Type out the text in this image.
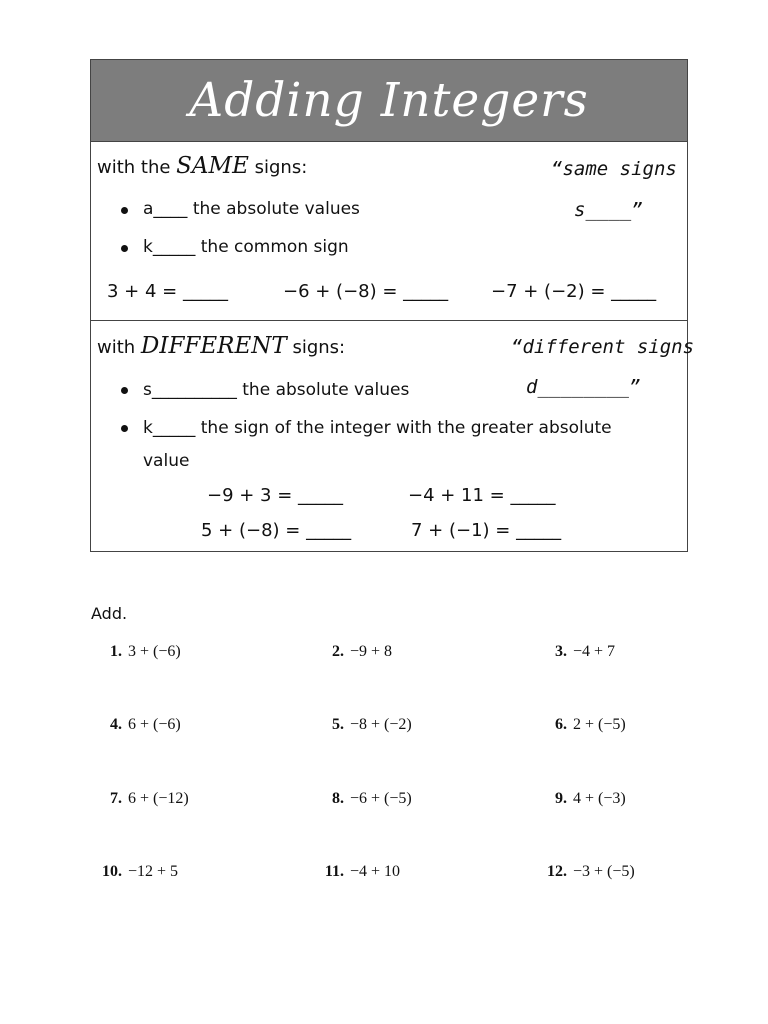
Adding Integers
with the SAME signs:	“same signs
s____”
a____ the absolute values
k_____ the common sign
3 + 4 = _____	−6 + (−8) = _____ −7 + (−2) = _____
with DIFFERENT signs:	“different signs
d________”
s__________ the absolute values
k_____ the sign of the integer with the greater absolute
value
−9 + 3 = _____	−4 + 11 = _____
5 + (−8) = _____	7 + (−1) = _____
Add.
1. 3 + (−6)	2. −9 + 8	3. −4 + 7
4. 6 + (−6)	5. −8 + (−2)	6. 2 + (−5)
7. 6 + (−12)	8. −6 + (−5)	9. 4 + (−3)
10. −12 + 5	11. −4 + 10	12. −3 + (−5)
